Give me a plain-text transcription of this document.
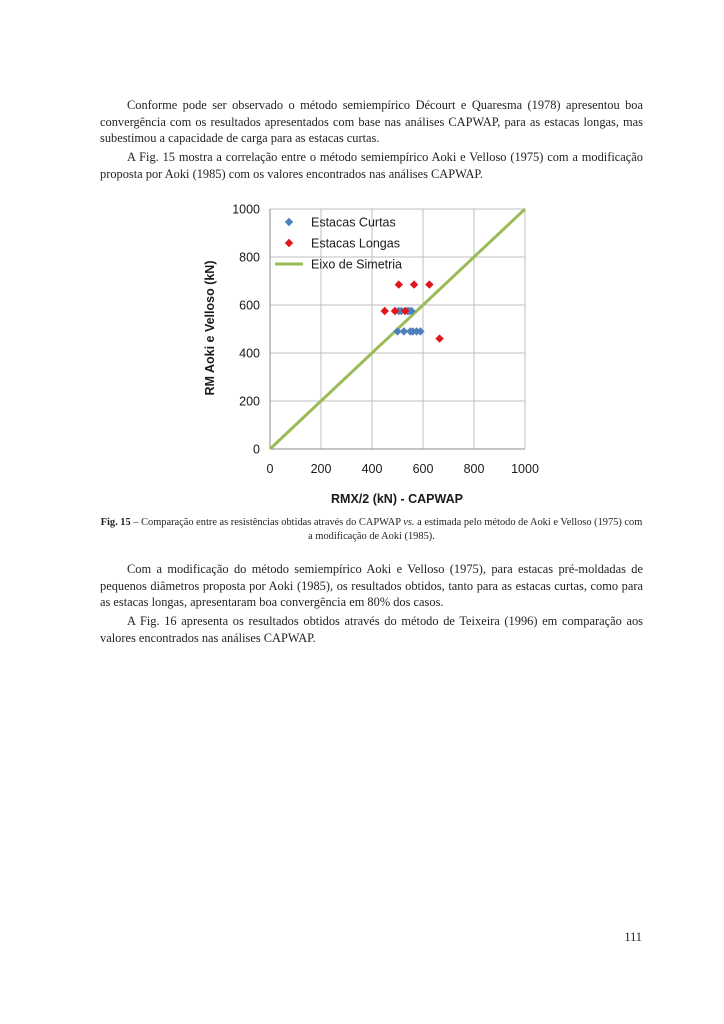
Conforme pode ser observado o método semiempírico Décourt e Quaresma (1978) apresentou boa convergência com os resultados apresentados com base nas análises CAPWAP, para as estacas longas, mas subestimou a capacidade de carga para as estacas curtas.

A Fig. 15 mostra a correlação entre o método semiempírico Aoki e Velloso (1975) com a modificação proposta por Aoki (1985) com os valores encontrados nas análises CAPWAP.

0	200 400 600 800 1000
0
200
400
600
800
1000
Estacas Curtas
Estacas Longas
Eixo de Simetria
RMX/2 (kN) - CAPWAP
RM Aoki e Velloso (kN)

Fig. 15 – Comparação entre as resistências obtidas através do CAPWAP vs. a estimada pelo método de Aoki e Velloso (1975) com a modificação de Aoki (1985).

Com a modificação do método semiempírico Aoki e Velloso (1975), para estacas pré-moldadas de pequenos diâmetros proposta por Aoki (1985), os resultados obtidos, tanto para as estacas curtas, como para as estacas longas, apresentaram boa convergência em 80% dos casos.

A Fig. 16 apresenta os resultados obtidos através do método de Teixeira (1996) em comparação aos valores encontrados nas análises CAPWAP.

111
